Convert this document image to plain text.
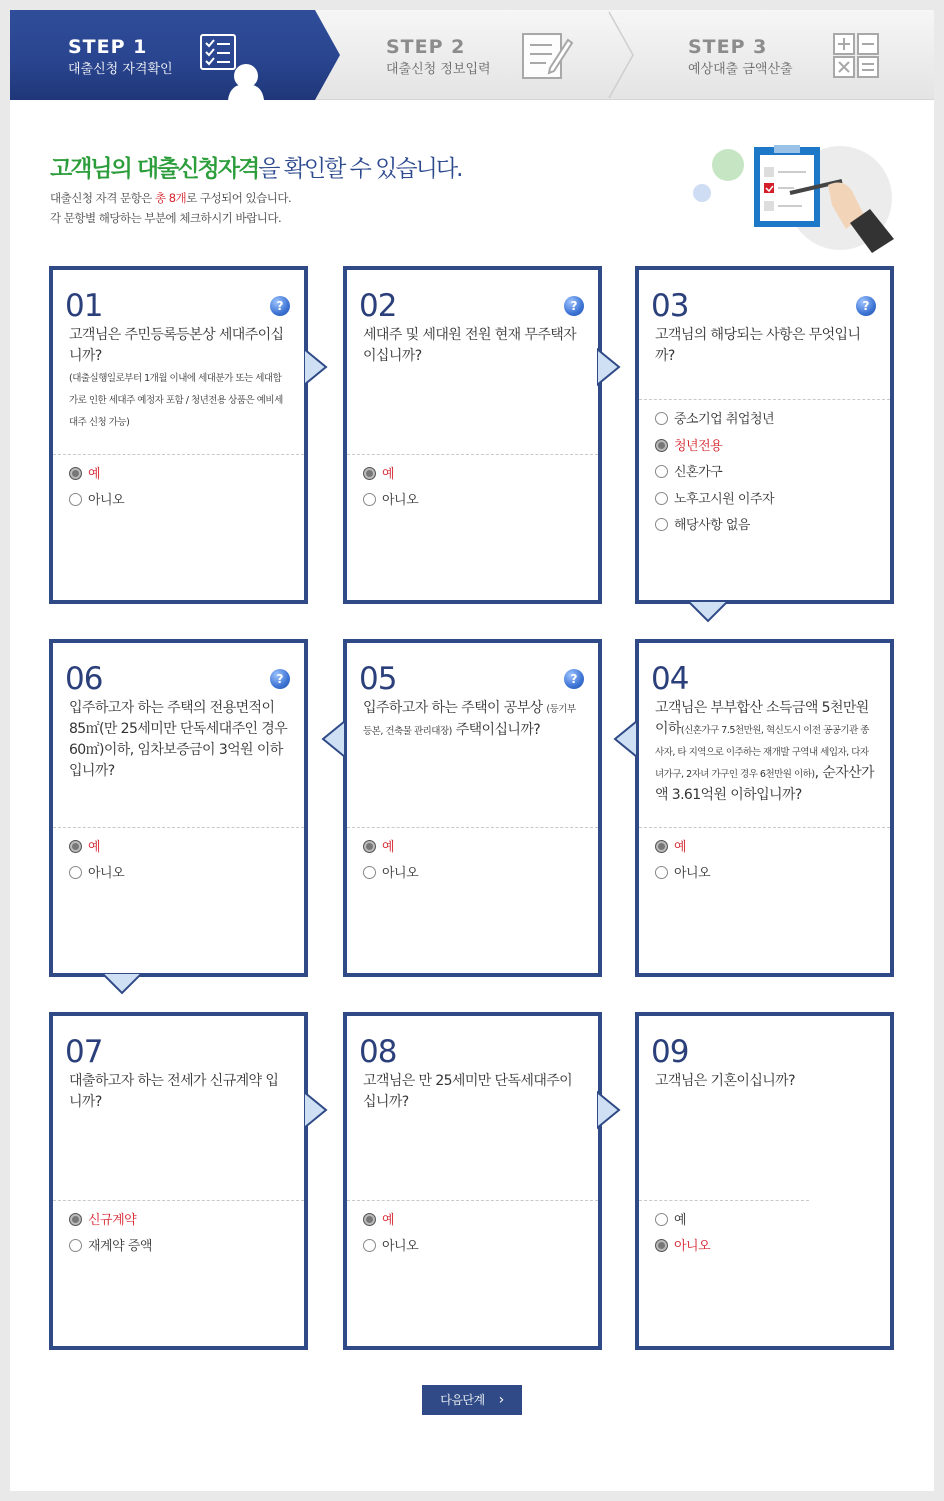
STEP 1
대출신청 자격확인
STEP 2
대출신청 정보입력
STEP 3
예상대출 금액산출
고객님의 대출신청자격을 확인할 수 있습니다.
대출신청 자격 문항은 총 8개로 구성되어 있습니다.
각 문항별 해당하는 부분에 체크하시기 바랍니다.
01	?
고객님은 주민등록등본상 세대주이십니까?
(대출실행일로부터 1개월 이내에 세대분가 또는 세대합가로 인한 세대주 예정자 포함 / 청년전용 상품은 예비세대주 신청 가능)
예
아니오
02	?
세대주 및 세대원 전원 현재 무주택자이십니까?
예
아니오
03	?
고객님의 해당되는 사항은 무엇입니까?
중소기업 취업청년
청년전용
신혼가구
노후고시원 이주자
해당사항 없음
06	?
입주하고자 하는 주택의 전용면적이 85㎡(만 25세미만 단독세대주인 경우 60㎡)이하, 임차보증금이 3억원 이하입니까?
예
아니오
05	?
입주하고자 하는 주택이 공부상 (등기부등본, 건축물 관리대장) 주택이십니까?
예
아니오
04
고객님은 부부합산 소득금액 5천만원 이하(신혼가구 7.5천만원, 혁신도시 이전 공공기관 종사자, 타 지역으로 이주하는 재개발 구역내 세입자, 다자녀가구, 2자녀 가구인 경우 6천만원 이하), 순자산가액 3.61억원 이하입니까?
예
아니오
07
대출하고자 하는 전세가 신규계약 입니까?
신규계약
재계약 증액
08
고객님은 만 25세미만 단독세대주이십니까?
예
아니오
09
고객님은 기혼이십니까?
예
아니오
다음단계 ›
